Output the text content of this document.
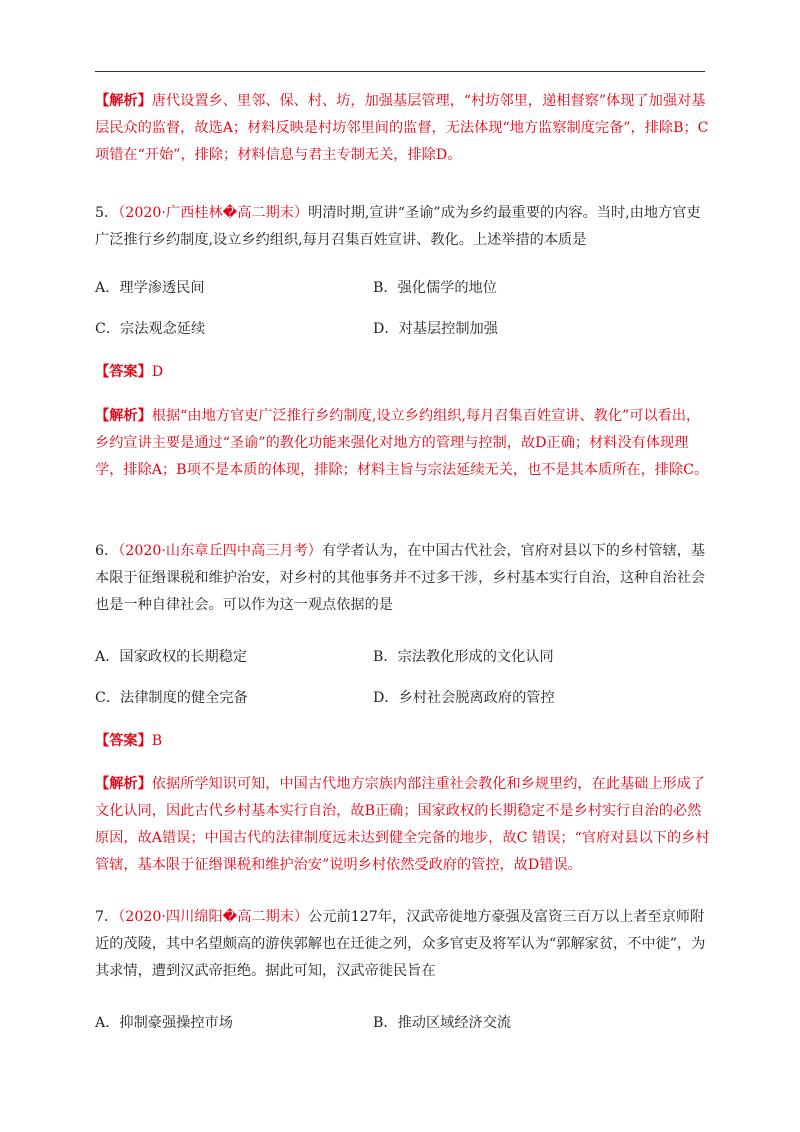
【解析】唐代设置乡、里邻、保、村、坊，加强基层管理，“村坊邻里，递相督察”体现了加强对基层民众的监督，故选A；材料反映是村坊邻里间的监督，无法体现“地方监察制度完备”，排除B；C项错在“开始”，排除；材料信息与君主专制无关，排除D。
5．（2020·广西桂林�高二期末）明清时期,宣讲“圣谕”成为乡约最重要的内容。当时,由地方官吏广泛推行乡约制度,设立乡约组织,每月召集百姓宣讲、教化。上述举措的本质是
A．理学渗透民间	B．强化儒学的地位
C．宗法观念延续	D．对基层控制加强
【答案】D
【解析】根据“由地方官吏广泛推行乡约制度,设立乡约组织,每月召集百姓宣讲、教化”可以看出，乡约宣讲主要是通过“圣谕”的教化功能来强化对地方的管理与控制，故D正确；材料没有体现理学，排除A；B项不是本质的体现，排除；材料主旨与宗法延续无关，也不是其本质所在，排除C。
6．（2020·山东章丘四中高三月考）有学者认为，在中国古代社会，官府对县以下的乡村管辖，基本限于征缗课税和维护治安，对乡村的其他事务并不过多干涉，乡村基本实行自治，这种自治社会也是一种自律社会。可以作为这一观点依据的是
A．国家政权的长期稳定	B．宗法教化形成的文化认同
C．法律制度的健全完备	D．乡村社会脱离政府的管控
【答案】B
【解析】依据所学知识可知，中国古代地方宗族内部注重社会教化和乡规里约，在此基础上形成了文化认同，因此古代乡村基本实行自治，故B正确；国家政权的长期稳定不是乡村实行自治的必然原因，故A错误；中国古代的法律制度远未达到健全完备的地步，故C 错误；“官府对县以下的乡村管辖，基本限于征缗课税和维护治安”说明乡村依然受政府的管控，故D错误。
7．（2020·四川绵阳�高二期末）公元前127年，汉武帝徙地方豪强及富资三百万以上者至京师附近的茂陵，其中名望颇高的游侠郭解也在迁徙之列，众多官吏及将军认为“郭解家贫，不中徙”，为其求情，遭到汉武帝拒绝。据此可知，汉武帝徙民旨在
A．抑制豪强操控市场	B．推动区域经济交流
